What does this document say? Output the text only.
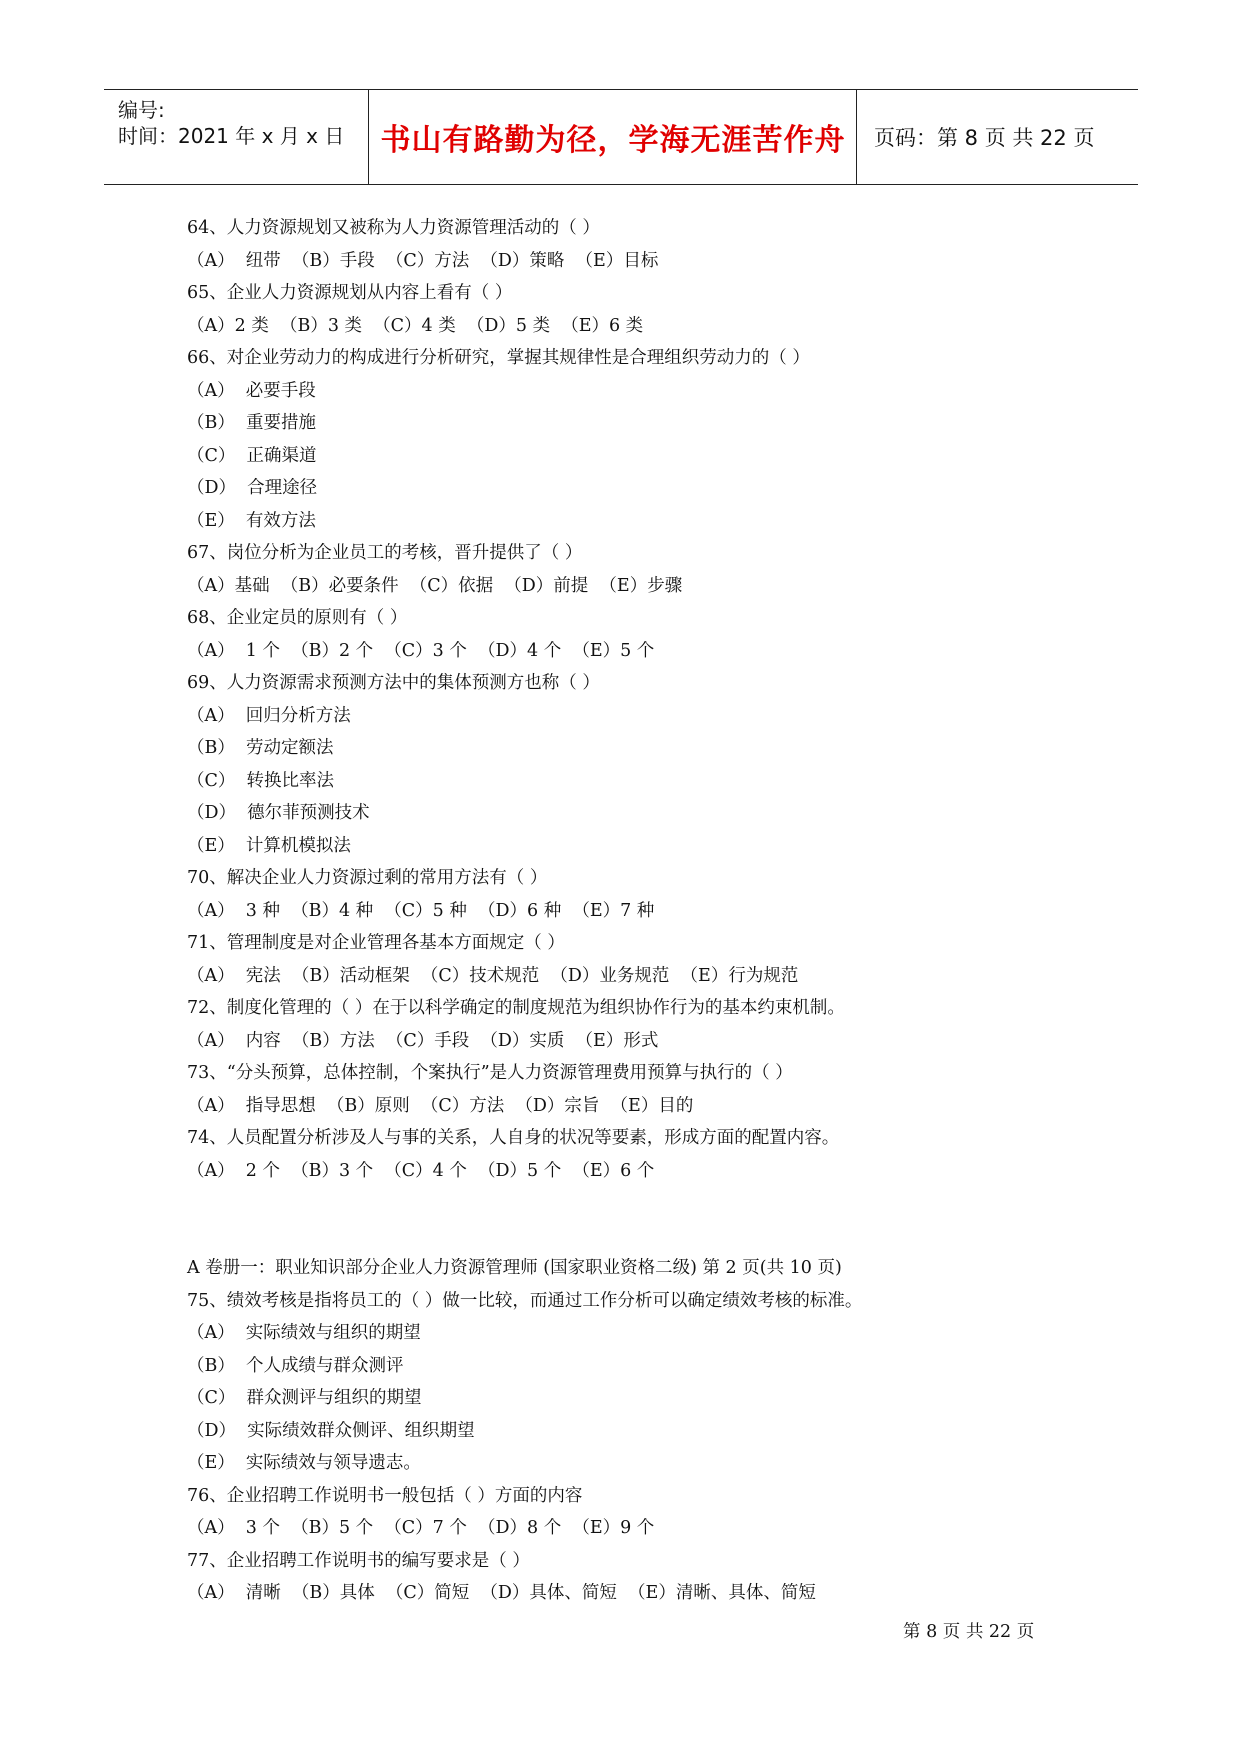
编号:
时间：2021 年 x 月 x 日	书山有路勤为径，学海无涯苦作舟	页码：第 8 页 共 22 页
64、人力资源规划又被称为人力资源管理活动的（ ）
（A）  纽带  （B）手段  （C）方法  （D）策略  （E）目标
65、企业人力资源规划从内容上看有（ ）
（A）2 类  （B）3 类  （C）4 类  （D）5 类  （E）6 类
66、对企业劳动力的构成进行分析研究，掌握其规律性是合理组织劳动力的（ ）
（A）  必要手段
（B）  重要措施
（C）  正确渠道
（D）  合理途径
（E）  有效方法
67、岗位分析为企业员工的考核，晋升提供了（ ）
（A）基础  （B）必要条件  （C）依据  （D）前提  （E）步骤
68、企业定员的原则有（ ）
（A）  1 个  （B）2 个  （C）3 个  （D）4 个  （E）5 个
69、人力资源需求预测方法中的集体预测方也称（ ）
（A）  回归分析方法
（B）  劳动定额法
（C）  转换比率法
（D）  德尔菲预测技术
（E）  计算机模拟法
70、解决企业人力资源过剩的常用方法有（ ）
（A）  3 种  （B）4 种  （C）5 种  （D）6 种  （E）7 种
71、管理制度是对企业管理各基本方面规定（ ）
（A）  宪法  （B）活动框架  （C）技术规范  （D）业务规范  （E）行为规范
72、制度化管理的（ ）在于以科学确定的制度规范为组织协作行为的基本约束机制。
（A）  内容  （B）方法  （C）手段  （D）实质  （E）形式
73、“分头预算，总体控制，个案执行”是人力资源管理费用预算与执行的（ ）
（A）  指导思想  （B）原则  （C）方法  （D）宗旨  （E）目的
74、人员配置分析涉及人与事的关系，人自身的状况等要素，形成方面的配置内容。
（A）  2 个  （B）3 个  （C）4 个  （D）5 个  （E）6 个
A 卷册一：职业知识部分企业人力资源管理师 (国家职业资格二级) 第 2 页(共 10 页)
75、绩效考核是指将员工的（ ）做一比较，而通过工作分析可以确定绩效考核的标准。
（A）  实际绩效与组织的期望
（B）  个人成绩与群众测评
（C）  群众测评与组织的期望
（D）  实际绩效群众侧评、组织期望
（E）  实际绩效与领导遗志。
76、企业招聘工作说明书一般包括（ ）方面的内容
（A）  3 个  （B）5 个  （C）7 个  （D）8 个  （E）9 个
77、企业招聘工作说明书的编写要求是（ ）
（A）  清晰  （B）具体  （C）简短  （D）具体、简短  （E）清晰、具体、简短
第 8 页 共 22 页
